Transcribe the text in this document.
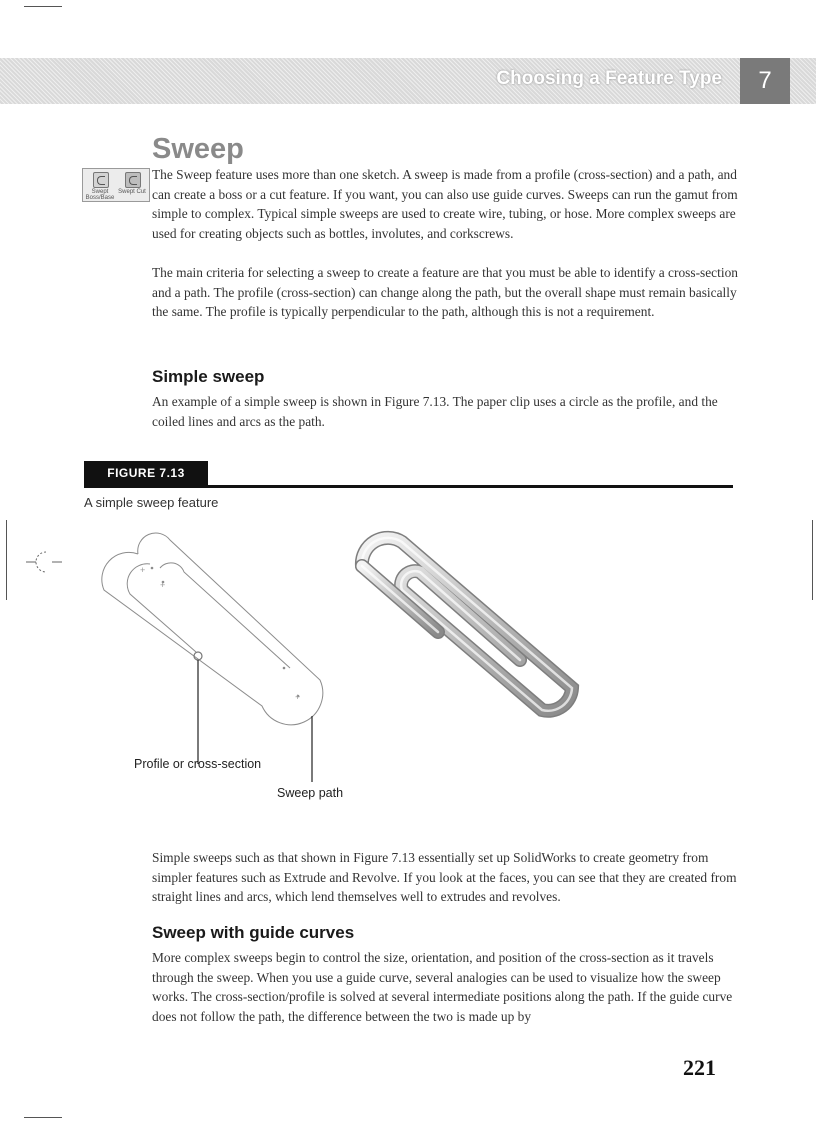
Choosing a Feature Type	7
Sweep
Swept Boss/Base
Swept Cut

The Sweep feature uses more than one sketch. A sweep is made from a profile (cross-section) and a path, and can create a boss or a cut feature. If you want, you can also use guide curves. Sweeps can run the gamut from simple to complex. Typical simple sweeps are used to create wire, tubing, or hose. More complex sweeps are used for creating objects such as bottles, involutes, and corkscrews.

The main criteria for selecting a sweep to create a feature are that you must be able to identify a cross-section and a path. The profile (cross-section) can change along the path, but the overall shape must remain basically the same. The profile is typically perpendicular to the path, although this is not a requirement.

Simple sweep

An example of a simple sweep is shown in Figure 7.13. The paper clip uses a circle as the profile, and the coiled lines and arcs as the path.

FIGURE 7.13
A simple sweep feature
+
+
+
Profile or cross-section
Sweep path

Simple sweeps such as that shown in Figure 7.13 essentially set up SolidWorks to create geometry from simpler features such as Extrude and Revolve. If you look at the faces, you can see that they are created from straight lines and arcs, which lend themselves well to extrudes and revolves.

Sweep with guide curves

More complex sweeps begin to control the size, orientation, and position of the cross-section as it travels through the sweep. When you use a guide curve, several analogies can be used to visualize how the sweep works. The cross-section/profile is solved at several intermediate positions along the path. If the guide curve does not follow the path, the difference between the two is made up by

221
